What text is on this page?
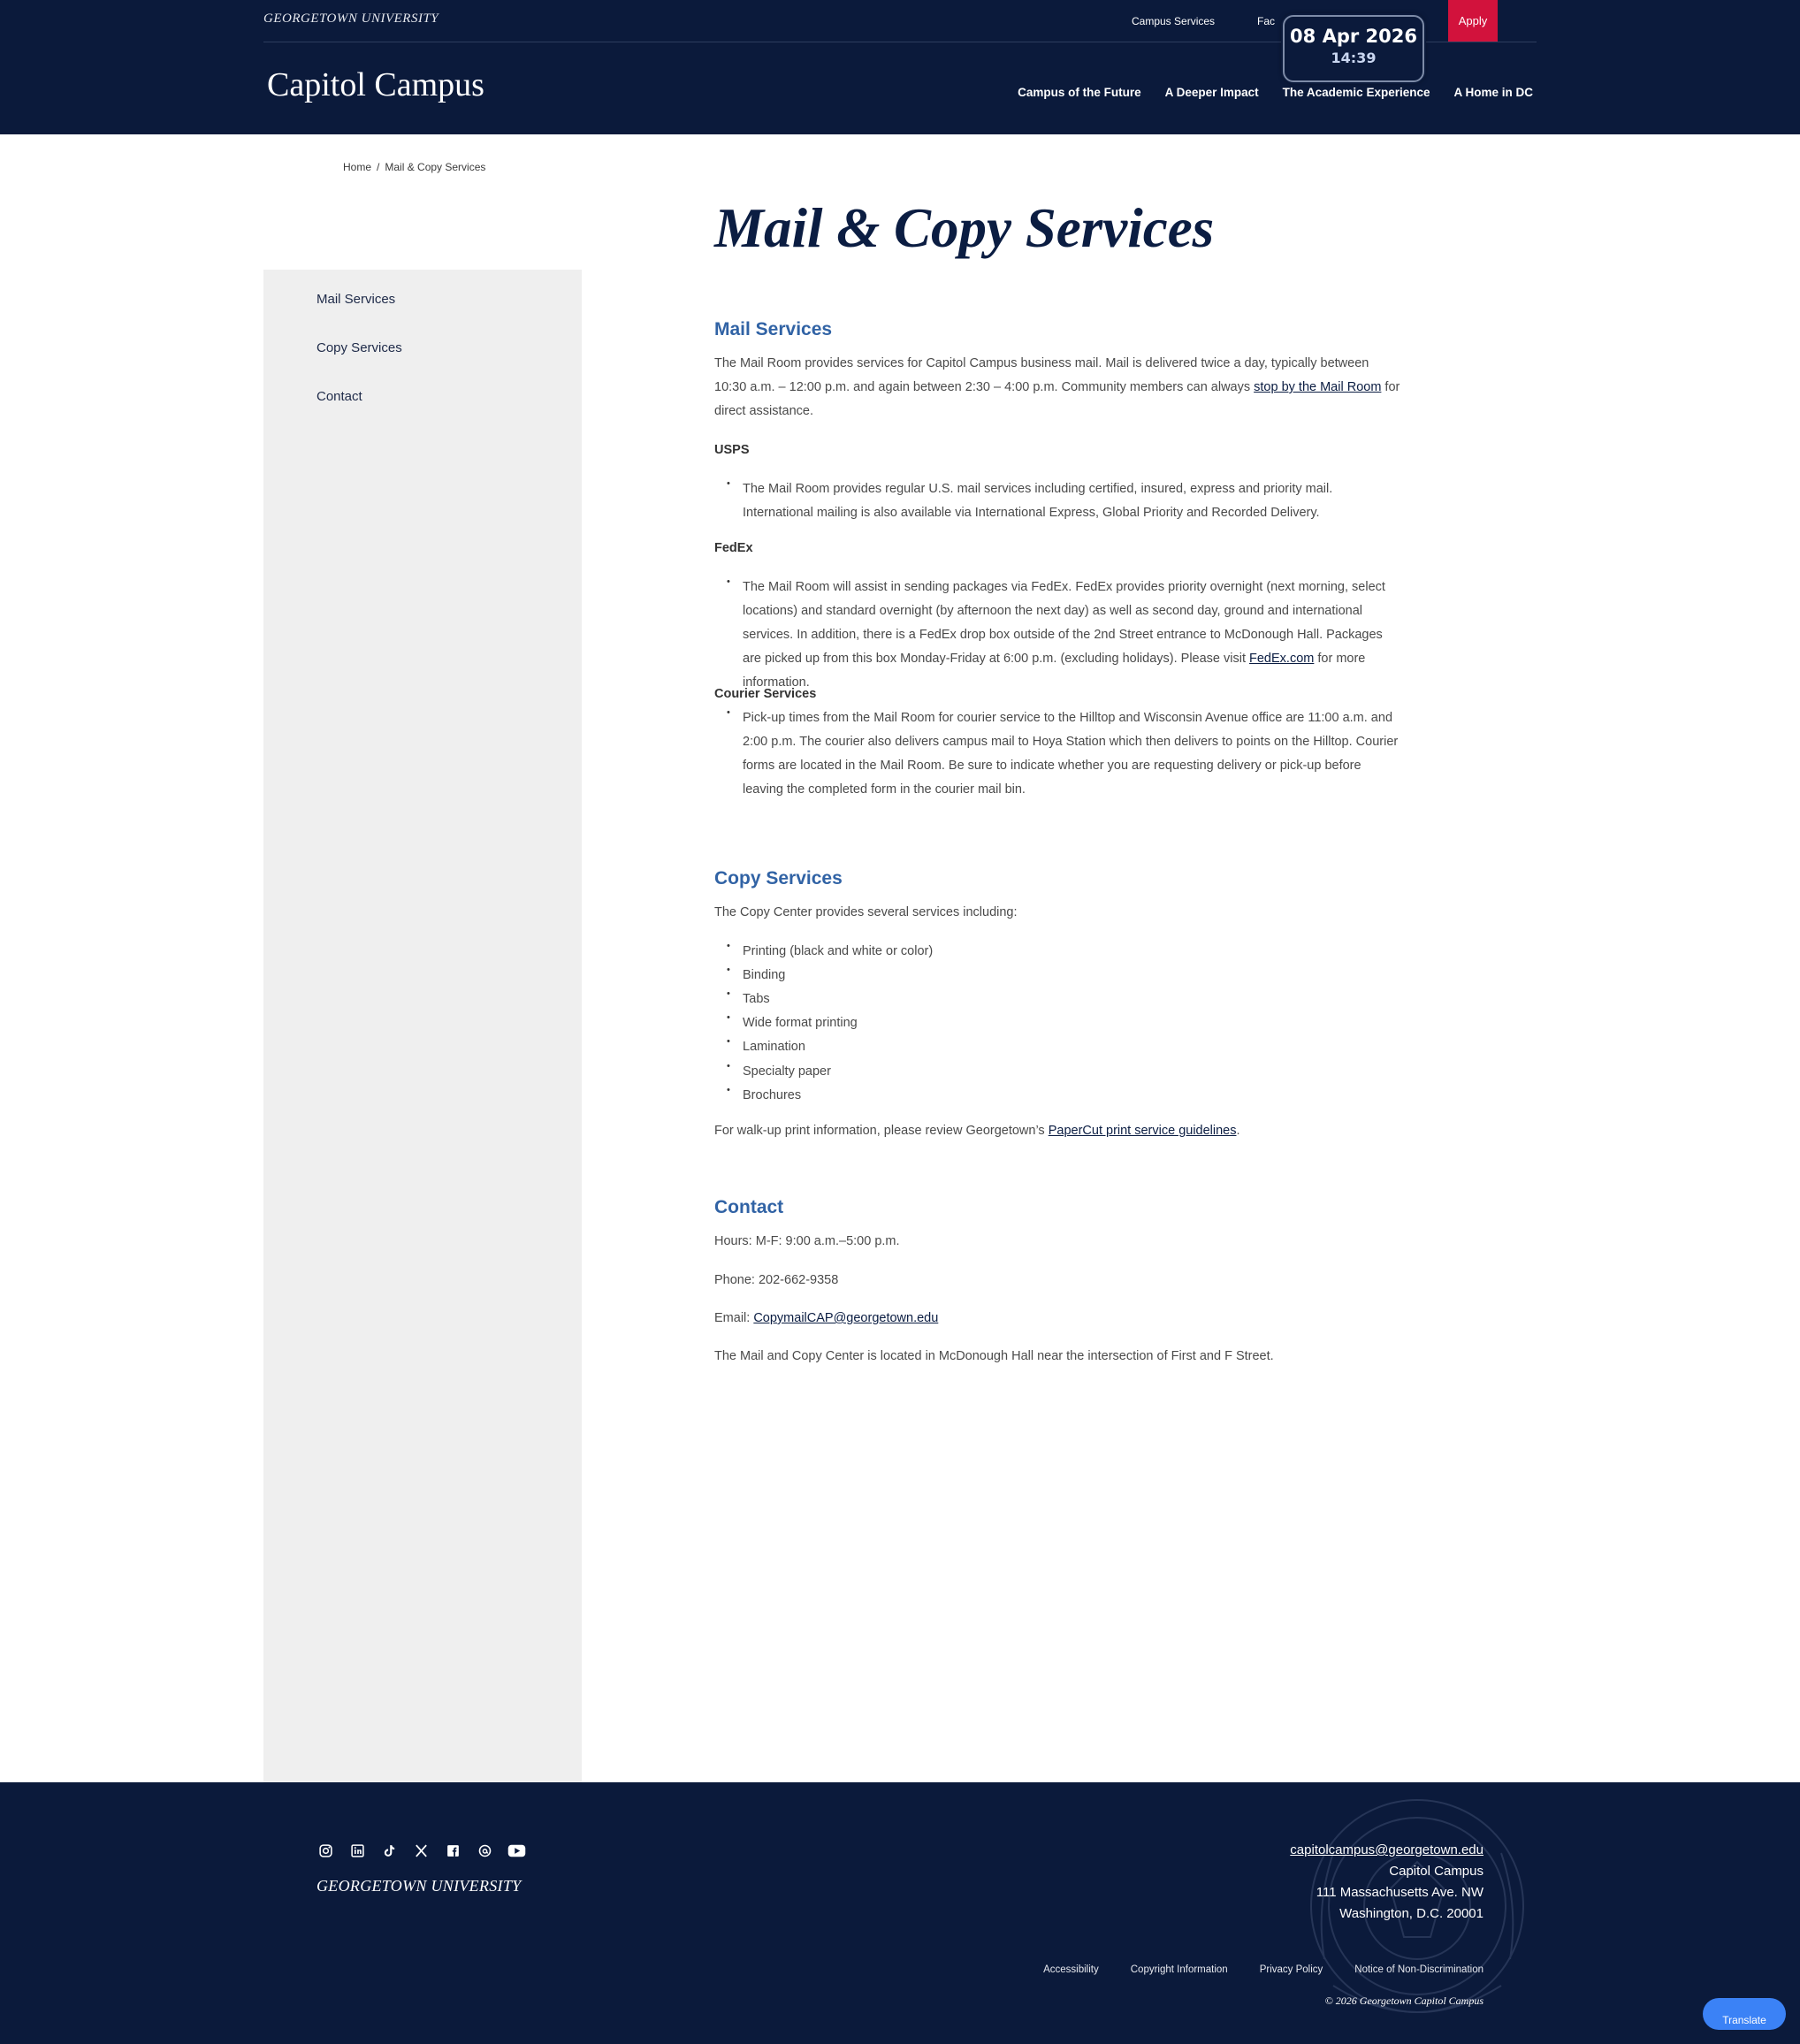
GEORGETOWN UNIVERSITY	Campus Services	Fac
08 Apr 2026
14:39
Apply
Capitol Campus	Campus of the Future A Deeper Impact The Academic Experience A Home in DC
Home / Mail & Copy Services
Mail Services
Copy Services
Contact
Mail & Copy Services
Mail Services

The Mail Room provides services for Capitol Campus business mail. Mail is delivered twice a day, typically between 10:30 a.m. – 12:00 p.m. and again between 2:30 – 4:00 p.m. Community members can always stop by the Mail Room for direct assistance.

USPS
• The Mail Room provides regular U.S. mail services including certified, insured, express and priority mail. International mailing is also available via International Express, Global Priority and Recorded Delivery.
FedEx
• The Mail Room will assist in sending packages via FedEx. FedEx provides priority overnight (next morning, select locations) and standard overnight (by afternoon the next day) as well as second day, ground and international services. In addition, there is a FedEx drop box outside of the 2nd Street entrance to McDonough Hall. Packages are picked up from this box Monday-Friday at 6:00 p.m. (excluding holidays). Please visit FedEx.com for more information.
Courier Services
• Pick-up times from the Mail Room for courier service to the Hilltop and Wisconsin Avenue office are 11:00 a.m. and 2:00 p.m. The courier also delivers campus mail to Hoya Station which then delivers to points on the Hilltop. Courier forms are located in the Mail Room. Be sure to indicate whether you are requesting delivery or pick-up before leaving the completed form in the courier mail bin.
Copy Services

The Copy Center provides several services including:

• Printing (black and white or color)
• Binding
• Tabs
• Wide format printing
• Lamination
• Specialty paper
• Brochures

For walk-up print information, please review Georgetown’s PaperCut print service guidelines.

Contact

Hours: M-F: 9:00 a.m.–5:00 p.m.

Phone: 202-662-9358

Email: CopymailCAP@georgetown.edu

The Mail and Copy Center is located in McDonough Hall near the intersection of First and F Street.

GEORGETOWN UNIVERSITY
capitolcampus@georgetown.edu
Capitol Campus
111 Massachusetts Ave. NW
Washington, D.C. 20001
Accessibility	Copyright Information	Privacy Policy	Notice of Non-Discrimination
© 2026 Georgetown Capitol Campus
Translate
